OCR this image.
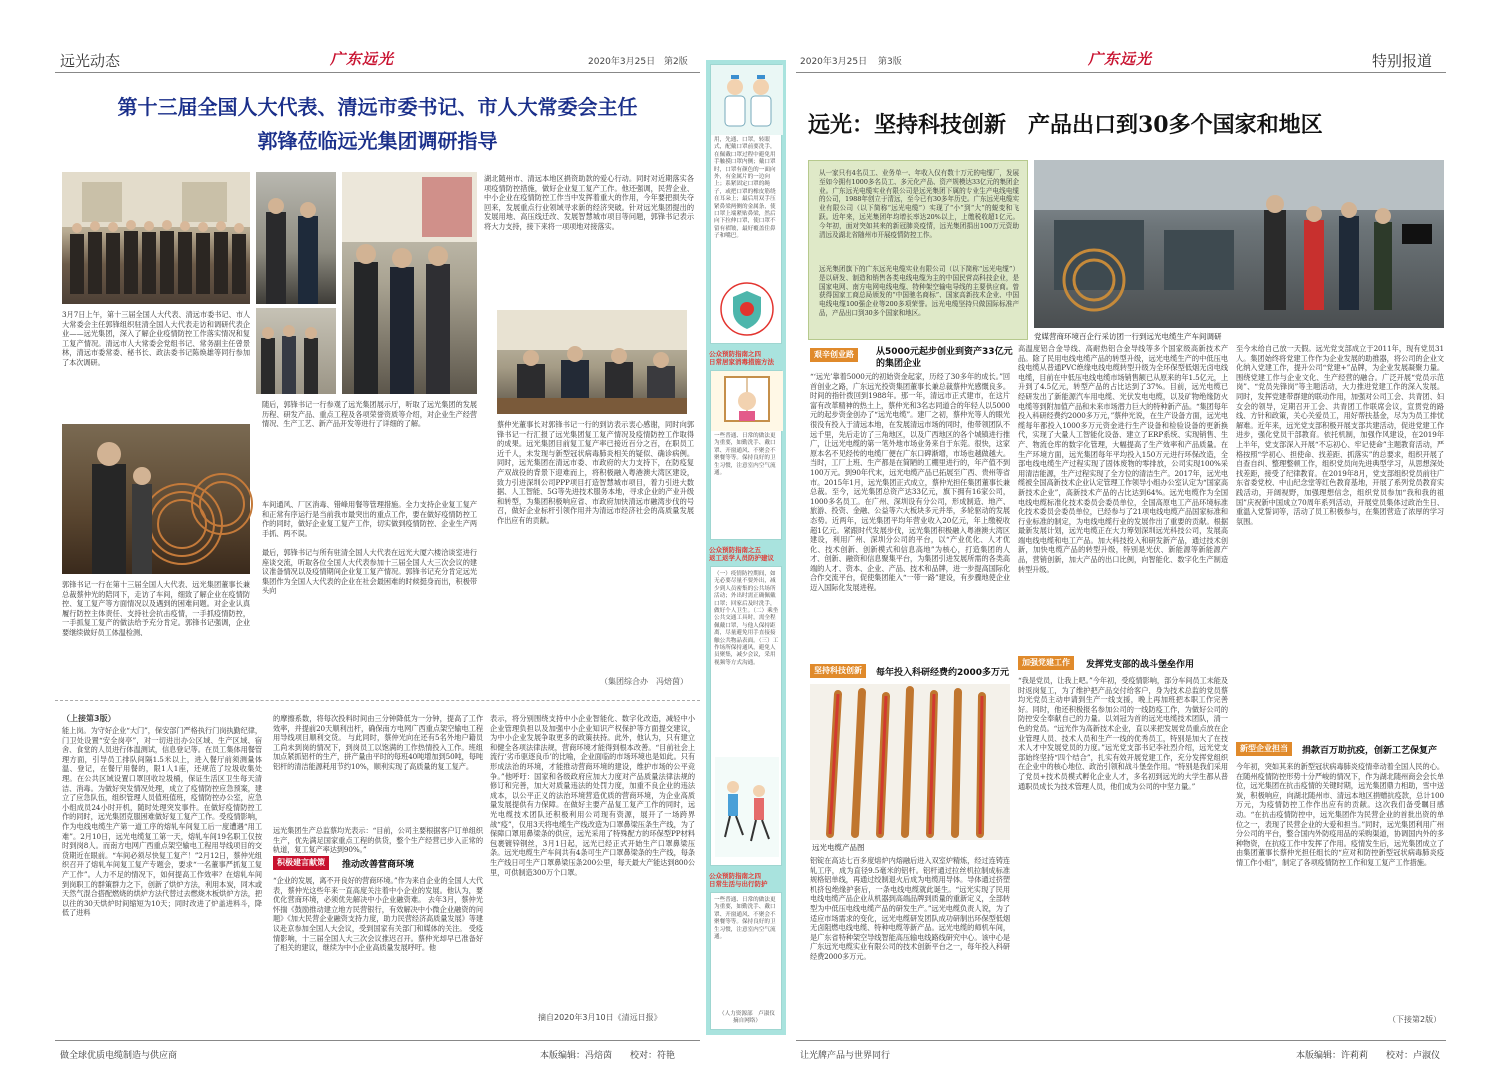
远光动态	广东远光	2020年3月25日 第2版
第十三届全国人大代表、清远市委书记、市人大常委会主任
郭锋莅临远光集团调研指导
3月7日上午，第十三届全国人大代表、清远市委书记、市人大常委会主任郭锋组织驻清全国人大代表走访和调研代表企业——远光集团，深入了解企业疫情防控工作落实情况和复工复产情况。清远市人大常委会党组书记、常务副主任曾景林，清远市委常委、秘书长、政法委书记陈焕雄等同行参加了本次调研。
郭锋书记一行在第十三届全国人大代表、远光集团董事长兼总裁蔡仲光的陪同下，走访了车间，细致了解企业在疫情防控、复工复产等方面情况以及遇到的困难问题。对企业认真履行防控主体责任、支持社会抗击疫情，一手抓疫情防控，一手抓复工复产的做法给予充分肯定。郭锋书记强调，企业要继续做好员工体温检测、
随后，郭锋书记一行参观了远光集团展示厅，听取了远光集团的发展历程、研发产品、重点工程及各项荣誉资质等介绍，对企业生产经营情况、生产工艺、新产品开发等进行了详细的了解。
最后，郭锋书记与所有驻清全国人大代表在远光大厦六楼洽谈室进行座谈交流，听取各位全国人大代表参加十三届全国人大三次会议的建议准备情况以及疫情期间企业复工复产情况。郭锋书记充分肯定远光集团作为全国人大代表的企业在社会最困难的时候挺身而出，积极带头向
湖北随州市、清远本地区捐资助款的爱心行动。同时对近期落实各项疫情防控措施，做好企业复工复产工作。他还强调，民营企业、中小企业在疫情防控工作当中发挥着重大的作用，今年要把损失夺回来，发展重点行业领域寻求新的经济突破。针对远光集团提出的发展用地、高压线迁改、发展智慧城市项目等问题，郭锋书记表示将大力支持，接下来将一项项地对接落实。
蔡仲光董事长对郭锋书记一行的到访表示衷心感谢，同时向郭锋书记一行汇报了远光集团复工复产情况及疫情防控工作取得的成果。远光集团目前复工复产率已接近百分之百，在职员工近千人，未发现与新型冠状病毒肺炎相关的疑似、确诊病例。同时，远光集团在清远市委、市政府的大力支持下，在防疫复产双战役的背景下迎难而上，将积极融入粤港澳大湾区建设，致力引进深圳公司PPP项目打造智慧城市项目，着力引进大数据、人工智能、5G等先进技术服务本地，寻求企业的产业升级和转型，为集团积极响应省、市政府加快清远市融湾步伐的号召，做好企业标杆引领作用并为清远市经济社会的高质量发展作出应有的贡献。
（集团综合办　冯焙茵）
（上接第3版）
能上岗。为守好企业“大门”，保安部门严格执行门岗执勤纪律，门卫处设置“安全岗亭”，对一切进出办公区域、生产区域、宿舍、食堂的人员进行体温测试，信息登记等。在员工集体用餐管理方面，引导员工排队间隔1.5米以上，进入餐厅前须测量体温、登记，在餐厅用餐的，限1人1座，还规范了垃圾收集处理。在公共区域设置口罩回收垃圾桶，保证生活区卫生每天清洁、消毒。为做好突发情况处理，成立了疫情防控应急预案，建立了应急队伍，组织管理人员值班值班，疫情防控办公室，应急小组成员24小时开机，随时处理突发事件。在做好疫情防控工作的同时，远光集团克服困难做好复工复产工作。受疫情影响，作为电线电缆生产第一道工序的熔轧车间复工后一度遭遇“用工难”。2月10日，远光电缆复工第一天，熔轧车间19名职工仅按时到岗8人。而南方电网广西重点架空输电工程用导线项目的交货期近在眼前。“车间必须尽快复工复产！”2月12日，蔡仲光组织召开了熔轧车间复工复产专题会，要求“一名董事严抓复工复产工作”。人力不足的情况下，如何提高工作效率？在熔轧车间到岗职工的群策群力之下，创新了烘炉方法，利用本炭，同木或天然气混合搭配燃烧的烘炉方法代替过去燃烧木板烘炉方法，把以往的30天烘炉时间缩短为10天；同时改进了炉盖进料斗，降低了进料
的摩擦系数，将每次投料时间由三分钟降低为一分钟，提高了工作效率，并提前20天顺利出杆，确保南方电网广西重点架空输电工程用导线项目顺利交货。 与此同时，蔡仲光向在还有5名外地户籍员工尚未到岗的情况下，到岗员工以饱满的工作热情投入工作。班组加点紧抓铝杆的生产，拼产量由平时的每班40吨增加到50吨，每吨铝杆的清洁能源耗用节约10%，顺利实现了高质量的复工复产。
远光集团生产总监蔡均光表示：“目前，公司主要根据客户订单组织生产，优先满足国家重点工程的供货，整个生产经营已步入正常的轨道，复工复产率达到90%。”
积极建言献策	推动改善营商环境
“企业的发展，离不开良好的营商环境。”作为来自企业的全国人大代表，蔡仲光这些年来一直高度关注着中小企业的发展。他认为，要优化营商环境，必须优先解决中小企业融资难。 去年3月，蔡仲光怀揣《鼓励推动建立地方民营银行，有效解决中小微企业融资的问题》《加大民营企业融资支持力度，助力民营经济高质量发展》等建议赴京参加全国人大会议，受到国家有关部门和媒体的关注。 受疫情影响，十三届全国人大三次会议推迟召开。蔡仲光却早已准备好了相关的建议，继续为中小企业高质量发展呼吁。他
表示，将分别围绕支持中小企业智能化、数字化改造，减轻中小企业管理负担以及加强中小企业知识产权保护等方面提交建议，为中小企业发展争取更多的政策扶持。此外，他认为，只有建立和健全各项法律法规，营商环境才能得到根本改善。“目前社会上流行‘劣币驱逐良币’的比喻，企业面临的市场环境也是如此。只有形成法治的环境，才能推动营商环境的建设，维护市场的公平竞争。”他呼吁：国家和各级政府应加大力度对产品质量法律法规的修订和完善，加大对质量违法的处罚力度，加重不良企业的违法成本，以公平正义的法治环境营造优质的营商环境，为企业高质量发展提供有力保障。在做好主要产品复工复产工作的同时，远光电缆技术团队还积极利用公司现有资源，展开了一场跨界战“疫”，仅用3天将电缆生产线改造为口罩鼻梁压条生产线，为了保障口罩用鼻梁条的供应，远光采用了特殊配方的环保型PP材料包裹镀锌钢丝，3月1日起，远光已经正式开始生产口罩鼻梁压条。远光电缆生产车间共有4条可生产口罩鼻梁条的生产线，每条生产线日可生产口罩鼻梁压条200公里，每天最大产能达到800公里，可供制造300万个口罩。
摘自2020年3月10日《清远日报》
做全球优质电缆制造与供应商	本版编辑：冯焙茵　　校对：符艳
用，先通、口罩，转眼式，配戴口罩前要洗手，在佩戴口罩过程中避免用手触摸口罩内侧；戴口罩时，口罩有颜色的一面向外，有金属片的一边向上；系紧固定口罩的绳子，或把口罩的橡皮筋绕在耳朵上；最后用双手压紧鼻梁两侧的金属条，使口罩上端紧贴鼻梁，然后向下拉伸口罩，使口罩不留有褶皱，最好覆盖住鼻子和嘴巴。
公众预防指南之四
日常居家消毒措施方法
一些普通、日常的做法更为重要，如勤洗手、戴口罩、开窗通风、不聚会不聚餐等等。保持良好的卫生习惯，注意室内空气流通。
公众预防指南之五
返工返学人员防护建议
（一）疫情防控期间，如无必要尽量不要外出，减少到人员密集的公共场所活动；外出时需正确佩戴口罩；回家后及时洗手，做好个人卫生。（二）乘坐公共交通工具时，需全程佩戴口罩，与他人保持距离，尽量避免用手直接接触公共物品表面。（三）工作场所保持通风，避免人员聚集，减少会议，采用视频等方式沟通。
公众预防指南之四
日常生活与出行防护
一些普通、日常的做法更为重要，如勤洗手、戴口罩、开窗通风、不聚会不聚餐等等。保持良好的卫生习惯，注意室内空气流通。
（人力资源部　卢淑仪　摘自网络）
2020年3月25日 第3版	广东远光	特别报道
远光：坚持科技创新　产品出口到30多个国家和地区
从一家只有4名员工、业务单一、年收入仅有数十万元的电缆厂，发展至如今拥有1000多名员工、多元化产品、资产规模达33亿元的集团企业。广东远光电缆实业有限公司是远光集团下属的专业生产电线电缆的公司，1988年创立于清远，至今已有30多年历史。广东远光电缆实业有限公司（以下简称“远光电缆”）实现了“小”到“大”的蜕变和飞跃。近年来，远光集团年均增长率达20%以上，上缴税收超1亿元。今年初，面对突如其来的新冠肺炎疫情，远光集团捐出100万元资助清远及湖北省随州市开展疫情防控工作。
远光集团旗下的广东远光电缆实业有限公司（以下简称“远光电缆”）是以研发、制造和销售各类电线电缆为主的中国民营高科技企业，是国家电网、南方电网电线电缆、特种架空输电导线的主要供应商。曾获得国家工商总局颁发的“中国驰名商标”、国家高新技术企业、中国电线电缆100强企业等200多项荣誉。远光电缆坚持只做国际标准产品，产品出口到30多个国家和地区。
党媒营商环境百企行采访团一行到远光电缆生产车间调研
艰辛创业路	从5000元起步创业到资产33亿元
的集团企业
“‘远光’靠着5000元的初始资金起家，历经了30多年的成长。”回首创业之路，广东远光投资集团董事长兼总裁蔡仲光感慨良多。时间的指针拨回到1988年。那一年，清远市正式建市，在这片富有改革精神的热土上，蔡仲光和3名志同道合的年轻人以5000元的起步资金创办了“远光电缆”。建厂之初，蔡仲光等人的眼光很没有投入于清远本地，在发展清远市场的同时，他带领团队不远千里，先后走访了三角地区，以及广西地区的各个城镇进行推广，让远光电缆的第一笔外地市场业务来自于东莞。很快，这家原本名不见经传的电缆厂便在广东口碑渐增，市场也越做越大。当时，工厂上班、生产都是在简陋的工棚里进行的，年产值不到100万元。到90年代末，远光电缆产品已拓展至广西、贵州等省市。2015年1月，远光集团正式成立，蔡仲光担任集团董事长兼总裁。至今，远光集团总资产达33亿元，旗下拥有16家公司，1000多名员工。在广州、深圳设有分公司，形成制造、地产、旅游、投资、金融、公益等六大板块多元并举，多轮驱动的发展态势。近两年，远光集团平均年营业收入20亿元，年上缴税收超1亿元。紧跟时代发展步伐，远光集团积极融入粤港澳大湾区建设，利用广州、深圳分公司的平台，以“产业优化、人才优化、技术创新、创新模式和信息高地”为核心，打造集团的人才、创新、融资和信息聚集平台，为集团引进发展所需的各类高端的人才、资本、企业、产品、技术和品牌，进一步提高国际化合作交流平台，促使集团能入“一带一路”建设，有步骤地使企业迈入国际化发展进程。
坚持科技创新	每年投入科研经费约2000多万元
远光电缆产品图
铝锭在高达七百多度熔炉内熔融后进入双室炉精炼，经过连铸连轧工序，成为直径9.5毫米的铝杆。铝杆通过拉丝机拉制成标准规格铝单线，再通过绞制退火后成为电缆用导体。导体通过挤塑机挤包绝缘护套后，一条电线电缆就此诞生。“远光实现了民用电线电缆产品企业从机器到高端品牌到质量的重新定义，全部转型为中低压电线电缆产品的研发生产。”远光电缆负责人说，为了适应市场需求的变化，远光电缆研发团队成功研制出环保型低烟无卤阻燃电线电缆、特种电缆等新产品。远光电缆的师机车间，是广东省特种架空导线智能高压输电线路线研究中心。该中心是广东远光电缆实业有限公司的技术创新平台之一，每年投入科研经费2000多万元。
高温度铝合金导线、高耐热铝合金导线等多个国家级高新技术产品。除了民用电线电缆产品的转型升级，远光电缆生产的中低压电线电缆从普通PVC绝缘电线电缆转型升级为全环保型低烟无卤电线电缆，目前在中低压电线电缆市场销售额已从原来的年1.5亿元，上升到了4.5亿元，转型产品的占比达到了37%。目前，远光电缆已经研发出了新能源汽车用电缆、光伏发电电缆，以及矿物绝缘防火电缆等到附加值产品和未来市场潜力巨大的特种新产品。“集团每年投入科研经费约2000多万元，”蔡仲光说，在生产设备方面，远光电缆每年都投入1000多万元资金进行生产设备和检验设备的更新换代，实现了大量人工智能化设备、建立了ERP系统、实现销售、生产、物流仓库的数字化管理，大幅提高了生产效率和产品质量。在生产环境方面，远光集团每年平均投入150万元进行环保改造，全部电线电缆生产过程实现了固体废物的零排放，公司实现100%采用清洁能源，生产过程实现了全方位的清洁生产。2017年，远光电缆被全国高新技术企业认定管理工作领导小组办公室认定为“国家高新技术企业”，高新技术产品的占比达到64%。远光电缆作为全国电线电缆标准化技术委员会委员单位，全国高原电工产品环境标准化技术委员会委员单位，已经参与了21项电线电缆产品国家标准和行业标准的制定，为电线电缆行业的发展作出了重要的贡献。根据最新发展计划，远光电缆正在大力筹划深圳远光科技公司，发展高端电线电缆和电工产品。加大科技投入和研发新产品，通过技术创新，加快电缆产品的转型升级，特别是光伏、新能源等新能源产品，营销创新，加大产品的出口比例，向智能化、数字化生产制造转型升级。
加强党建工作	发挥党支部的战斗堡垒作用
“我是党员，让我上吧。”今年初，受疫情影响，部分车间员工未能及时返岗复工，为了维护把产品交付给客户，身为技术总监的党员蔡均光党员主动申请到生产一线支援，晚上再加班把本职工作完善好。同时，他还积极报名参加公司的一线防疫工作，为做好公司的防控安全奉献自己的力量。以刘冠为首的远光电缆技术团队，清一色的党员。“远光作为高新技术企业，直以来把发展党员重点放在企业管理人员、技术人员和生产一线的优秀员工，特别是加大了在技术人才中发展党员的力度。”远光党支部书记李社烈介绍，远光党支部始终坚持“四个结合”，扎实有效开展党建工作，充分发挥党组织在企业中的核心地位、政治引领和战斗堡垒作用。“特别是我们采用了党员+技术员模式孵化企业人才，多名初到远光的大学生都从普通职员成长为技术管理人员，他们成为公司的中坚力量。”
至今未给自己放一天假。远光党支部成立于2011年，现有党员31人。集团始终将党建工作作为企业发展的助推器，将公司的企业文化纳入党建工作，提升公司“党建+”品牌，为企业发展凝聚力量。围绕党建工作与企业文化、生产经营的融合。广泛开展“党员示范岗”、“党员先锋岗”等主题活动，大力推进党建工作的深入发展。同时，发挥党建带群建的联动作用，加强对公司工会、共青团、妇女会的领导，定期召开工会、共青团工作联席会议，宣贯党的路线、方针和政策，关心关爱员工，用好帮扶基金，尽为为员工排忧解难。近年来，远光党支部积极开展支部共建活动，促进党建工作进步，强化党员干部教育。依托机制，加强作风建设，在2019年上半年，党支部深入开展“不忘初心、牢记使命”主题教育活动，严格按照“学初心、担使命、找差距、抓落实”的总要求，组织开展了自查自纠、整理整顿工作，组织党员向先进典型学习，从思想深处找差距，接受了纪律教育。在2019年8月，党支部组织党员前往广东省委党校、中山纪念堂等红色教育基地，开展了系列党员教育实践活动，开阔视野，加强理想信念，组织党员参加“我和我的祖国”庆祝新中国成立70周年系列活动，开展党员集体过政治生日、重温入党誓词等，活动了员工积极参与，在集团营造了浓厚的学习氛围。
新型企业担当	捐款百万助抗疫，创新工艺保复产
今年初，突如其来的新型冠状病毒肺炎疫情牵动着全国人民的心。在随州疫情防控形势十分严峻的情况下，作为湖北随州商会会长单位，远光集团在抗击疫情的关键时期，远光集团鼎力相助，雪中送炭，积极响应，向湖北随州市、清远本地区捐赠抗疫款，总计100万元，为疫情防控工作作出应有的贡献。这次我们备受瞩目感动。“在抗击疫情防控中，远光集团作为民营企业的首批出资的单位之一，表现了民营企业的大爱和担当。”同时，远光集团利用广州分公司的平台，整合国内外防疫用品的采购渠道，协调国内外的多种物资，在抗疫工作中发挥了作用。疫情发生后，远光集团成立了由集团董事长蔡仲光担任组长的“应对和防控新型冠状病毒肺炎疫情工作小组”，制定了各项疫情防控工作和复工复产工作措施。
（下接第2版）
让光牌产品与世界同行	本版编辑：许莉莉　　校对：卢淑仪
车间通风、厂区消毒、错峰用餐等管理措施。全力支持企业复工复产和正常有序运行是当前我市最突出的重点工作，要在做好疫情防控工作的同时，做好企业复工复产工作，切实做到疫情防控、企业生产两手抓、两不误。
